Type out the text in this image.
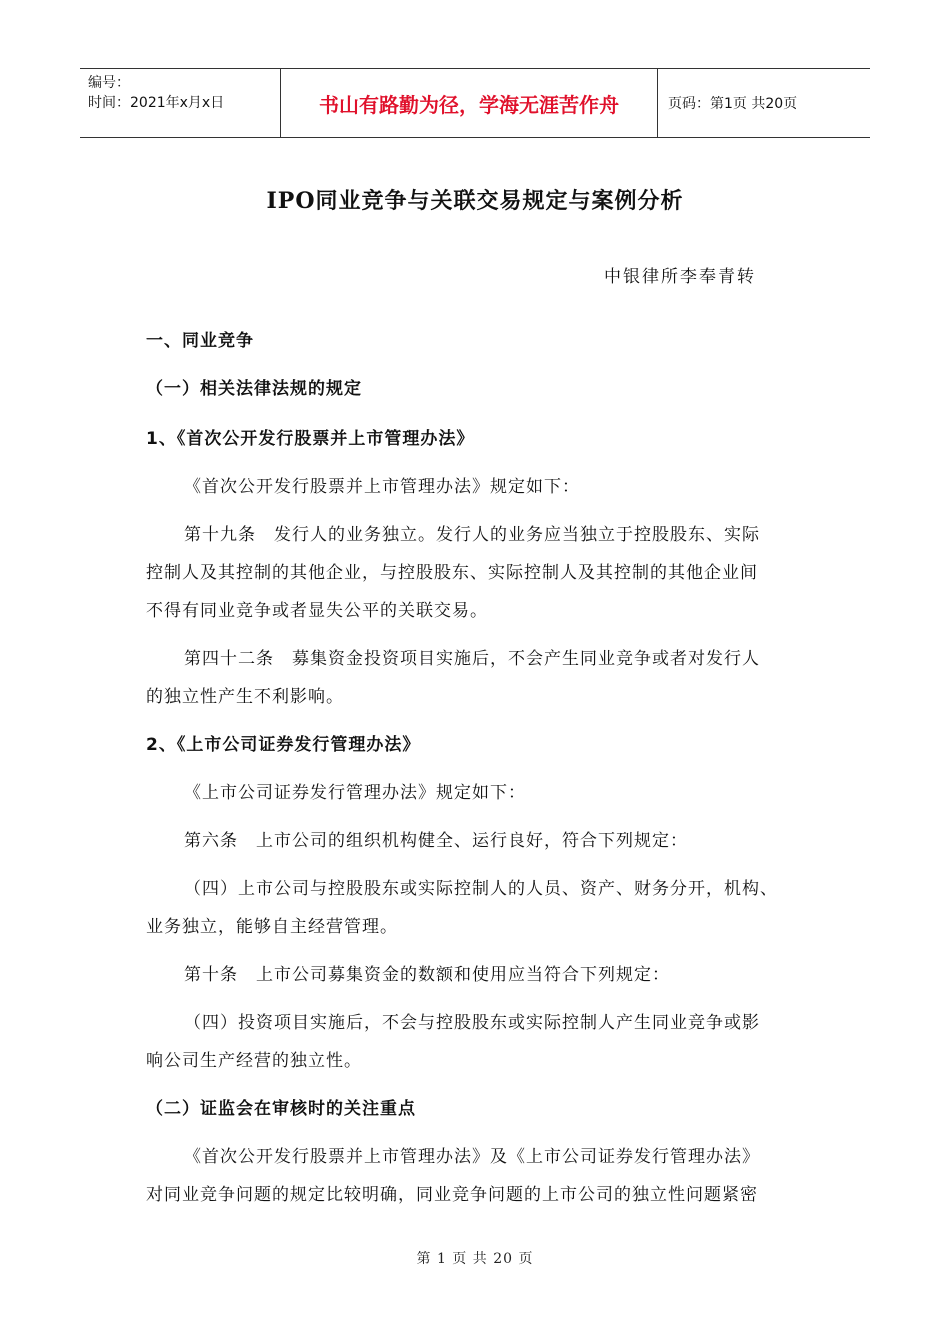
编号：
时间：2021年x月x日	书山有路勤为径，学海无涯苦作舟	页码：第1页 共20页
IPO同业竞争与关联交易规定与案例分析
中银律所李奉青转
一、同业竞争
（一）相关法律法规的规定
1、《首次公开发行股票并上市管理办法》
《首次公开发行股票并上市管理办法》规定如下：
第十九条　发行人的业务独立。发行人的业务应当独立于控股股东、实际
控制人及其控制的其他企业，与控股股东、实际控制人及其控制的其他企业间
不得有同业竞争或者显失公平的关联交易。
第四十二条　募集资金投资项目实施后，不会产生同业竞争或者对发行人
的独立性产生不利影响。
2、《上市公司证券发行管理办法》
《上市公司证券发行管理办法》规定如下：
第六条　上市公司的组织机构健全、运行良好，符合下列规定：
（四）上市公司与控股股东或实际控制人的人员、资产、财务分开，机构、
业务独立，能够自主经营管理。
第十条　上市公司募集资金的数额和使用应当符合下列规定：
（四）投资项目实施后，不会与控股股东或实际控制人产生同业竞争或影
响公司生产经营的独立性。
（二）证监会在审核时的关注重点
《首次公开发行股票并上市管理办法》及《上市公司证券发行管理办法》
对同业竞争问题的规定比较明确，同业竞争问题的上市公司的独立性问题紧密
第 1 页 共 20 页
